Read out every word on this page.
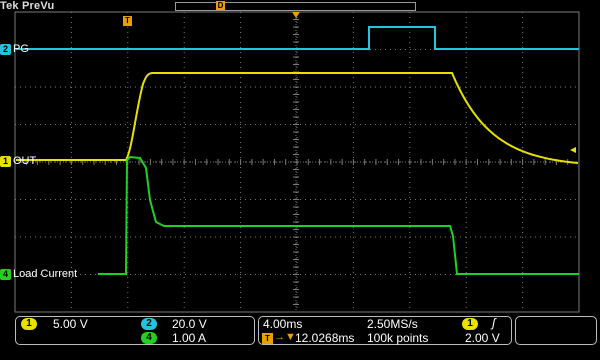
Tek PreVu	D
T
2 PG
1 OUT
4 Load Current
1	5.00 V	2	20.0 V
4	1.00 A
4.00ms	2.50MS/s	1	ʃ
T →▼ 12.0268ms 100k points	2.00 V
